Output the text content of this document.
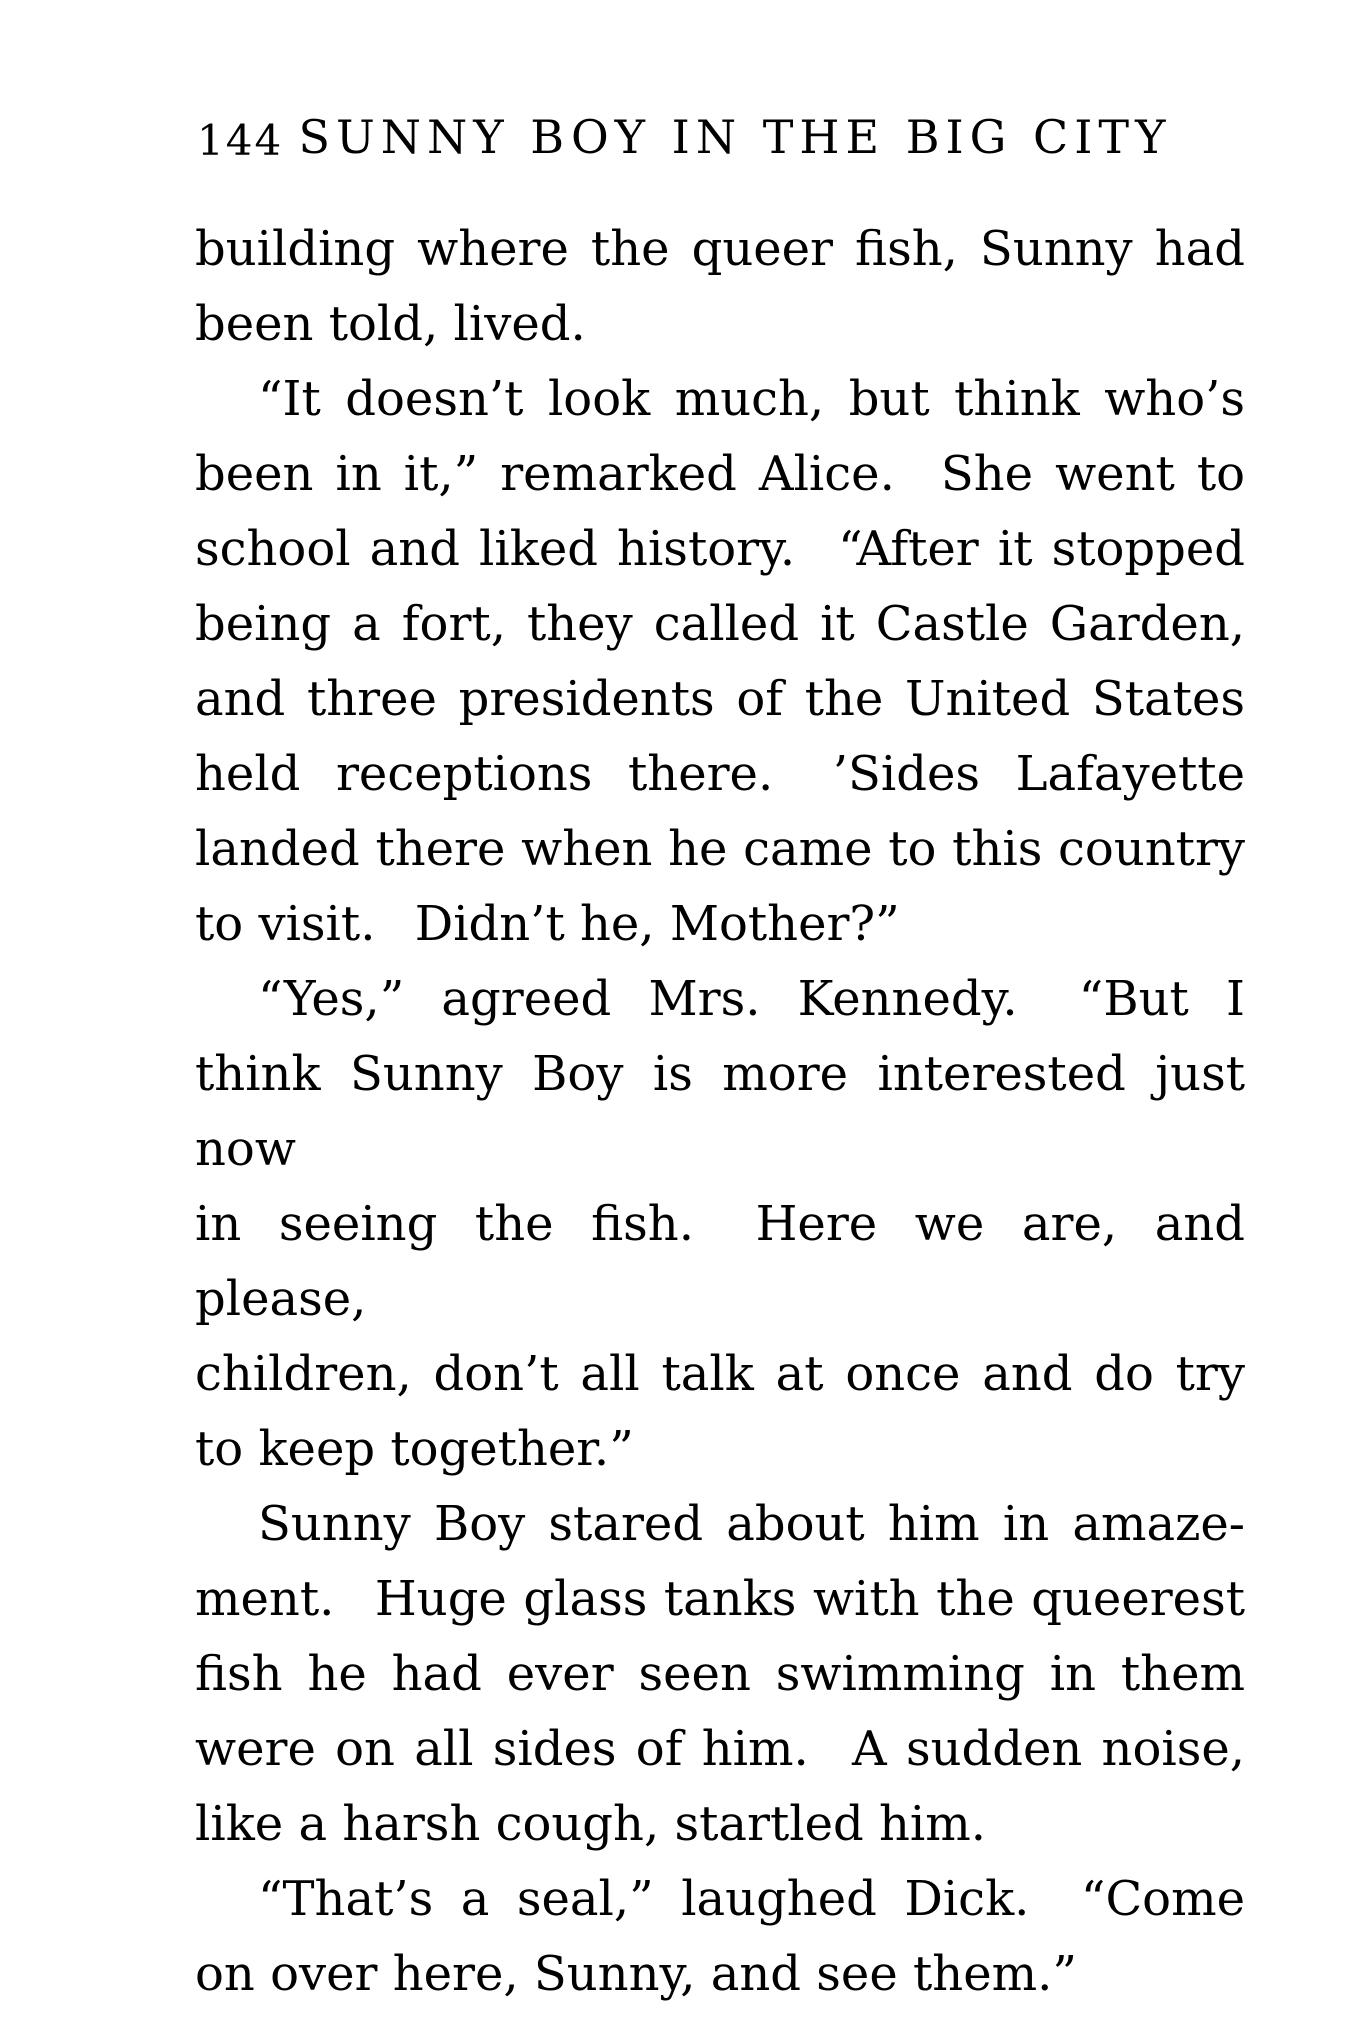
144 SUNNY BOY IN THE BIG CITY
building where the queer fish, Sunny had
been told, lived.
“It doesn’t look much, but think who’s
been in it,” remarked Alice.  She went to
school and liked history.  “After it stopped
being a fort, they called it Castle Garden,
and three presidents of the United States
held receptions there.  ’Sides Lafayette
landed there when he came to this country
to visit.  Didn’t he, Mother?”
“Yes,” agreed Mrs. Kennedy.  “But I
think Sunny Boy is more interested just now
in seeing the fish.  Here we are, and please,
children, don’t all talk at once and do try
to keep together.”
Sunny Boy stared about him in amaze-
ment.  Huge glass tanks with the queerest
fish he had ever seen swimming in them
were on all sides of him.  A sudden noise,
like a harsh cough, startled him.
“That’s a seal,” laughed Dick.  “Come
on over here, Sunny, and see them.”
